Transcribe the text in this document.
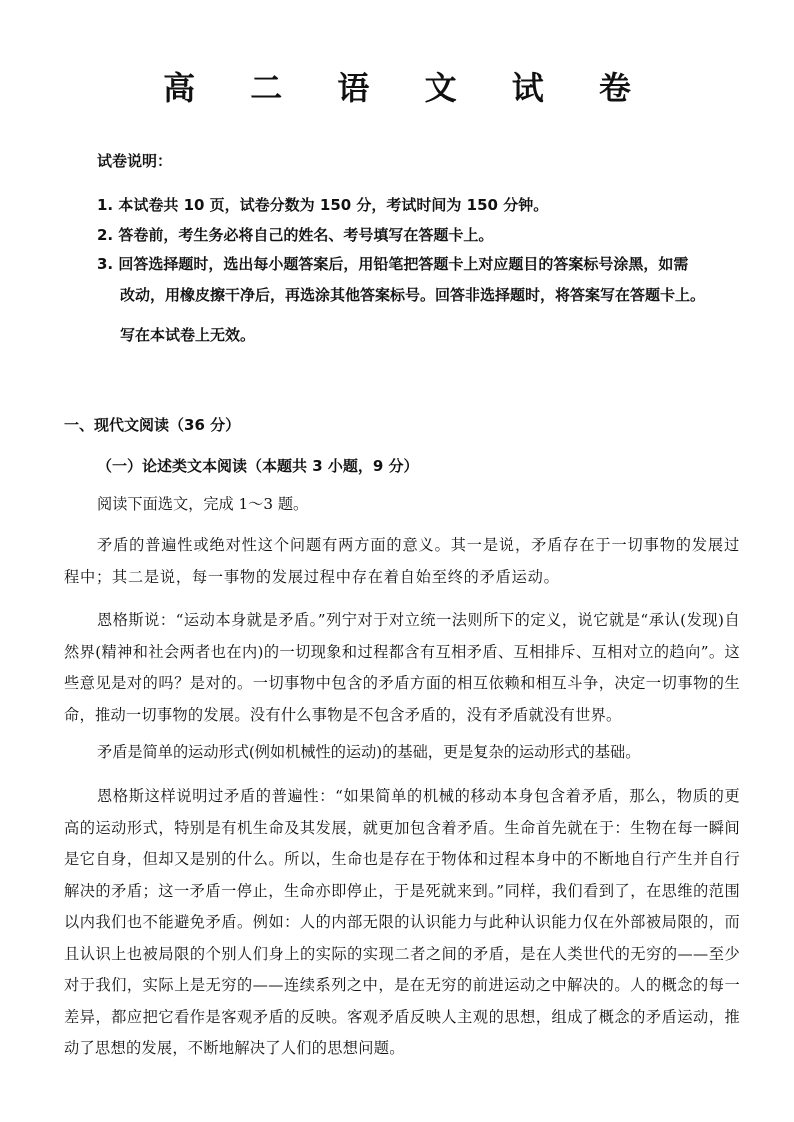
高 二 语 文 试 卷
试卷说明：
1. 本试卷共 10 页，试卷分数为 150 分，考试时间为 150 分钟。
2. 答卷前，考生务必将自己的姓名、考号填写在答题卡上。
3. 回答选择题时，选出每小题答案后，用铅笔把答题卡上对应题目的答案标号涂黑，如需
改动，用橡皮擦干净后，再选涂其他答案标号。回答非选择题时，将答案写在答题卡上。
写在本试卷上无效。
一、现代文阅读（36 分）
（一）论述类文本阅读（本题共 3 小题，9 分）
阅读下面选文，完成 1～3 题。
矛盾的普遍性或绝对性这个问题有两方面的意义。其一是说，矛盾存在于一切事物的发展过程中；其二是说，每一事物的发展过程中存在着自始至终的矛盾运动。
恩格斯说：“运动本身就是矛盾。”列宁对于对立统一法则所下的定义，说它就是“承认(发现)自然界(精神和社会两者也在内)的一切现象和过程都含有互相矛盾、互相排斥、互相对立的趋向”。这些意见是对的吗？是对的。一切事物中包含的矛盾方面的相互依赖和相互斗争，决定一切事物的生命，推动一切事物的发展。没有什么事物是不包含矛盾的，没有矛盾就没有世界。
矛盾是简单的运动形式(例如机械性的运动)的基础，更是复杂的运动形式的基础。
恩格斯这样说明过矛盾的普遍性：“如果简单的机械的移动本身包含着矛盾，那么，物质的更高的运动形式，特别是有机生命及其发展，就更加包含着矛盾。生命首先就在于：生物在每一瞬间是它自身，但却又是别的什么。所以，生命也是存在于物体和过程本身中的不断地自行产生并自行解决的矛盾；这一矛盾一停止，生命亦即停止，于是死就来到。”同样，我们看到了，在思维的范围以内我们也不能避免矛盾。例如：人的内部无限的认识能力与此种认识能力仅在外部被局限的，而且认识上也被局限的个别人们身上的实际的实现二者之间的矛盾，是在人类世代的无穷的——至少对于我们，实际上是无穷的——连续系列之中，是在无穷的前进运动之中解决的。人的概念的每一差异，都应把它看作是客观矛盾的反映。客观矛盾反映人主观的思想，组成了概念的矛盾运动，推动了思想的发展，不断地解决了人们的思想问题。
